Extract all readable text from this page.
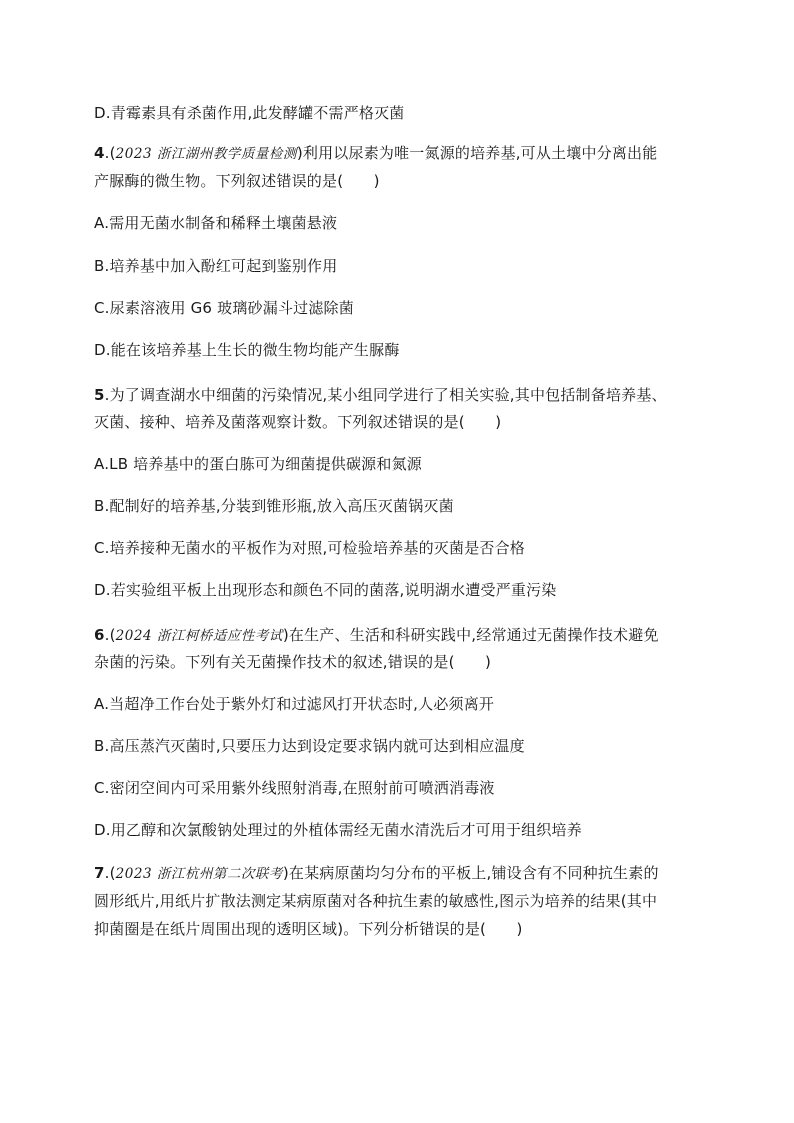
D.青霉素具有杀菌作用,此发酵罐不需严格灭菌
4.(2023 浙江湖州教学质量检测)利用以尿素为唯一氮源的培养基,可从土壤中分离出能
产脲酶的微生物。下列叙述错误的是(　　)
A.需用无菌水制备和稀释土壤菌悬液
B.培养基中加入酚红可起到鉴别作用
C.尿素溶液用 G6 玻璃砂漏斗过滤除菌
D.能在该培养基上生长的微生物均能产生脲酶
5.为了调查湖水中细菌的污染情况,某小组同学进行了相关实验,其中包括制备培养基、
灭菌、接种、培养及菌落观察计数。下列叙述错误的是(　　)
A.LB 培养基中的蛋白胨可为细菌提供碳源和氮源
B.配制好的培养基,分装到锥形瓶,放入高压灭菌锅灭菌
C.培养接种无菌水的平板作为对照,可检验培养基的灭菌是否合格
D.若实验组平板上出现形态和颜色不同的菌落,说明湖水遭受严重污染
6.(2024 浙江柯桥适应性考试)在生产、生活和科研实践中,经常通过无菌操作技术避免
杂菌的污染。下列有关无菌操作技术的叙述,错误的是(　　)
A.当超净工作台处于紫外灯和过滤风打开状态时,人必须离开
B.高压蒸汽灭菌时,只要压力达到设定要求锅内就可达到相应温度
C.密闭空间内可采用紫外线照射消毒,在照射前可喷洒消毒液
D.用乙醇和次氯酸钠处理过的外植体需经无菌水清洗后才可用于组织培养
7.(2023 浙江杭州第二次联考)在某病原菌均匀分布的平板上,铺设含有不同种抗生素的
圆形纸片,用纸片扩散法测定某病原菌对各种抗生素的敏感性,图示为培养的结果(其中
抑菌圈是在纸片周围出现的透明区域)。下列分析错误的是(　　)
